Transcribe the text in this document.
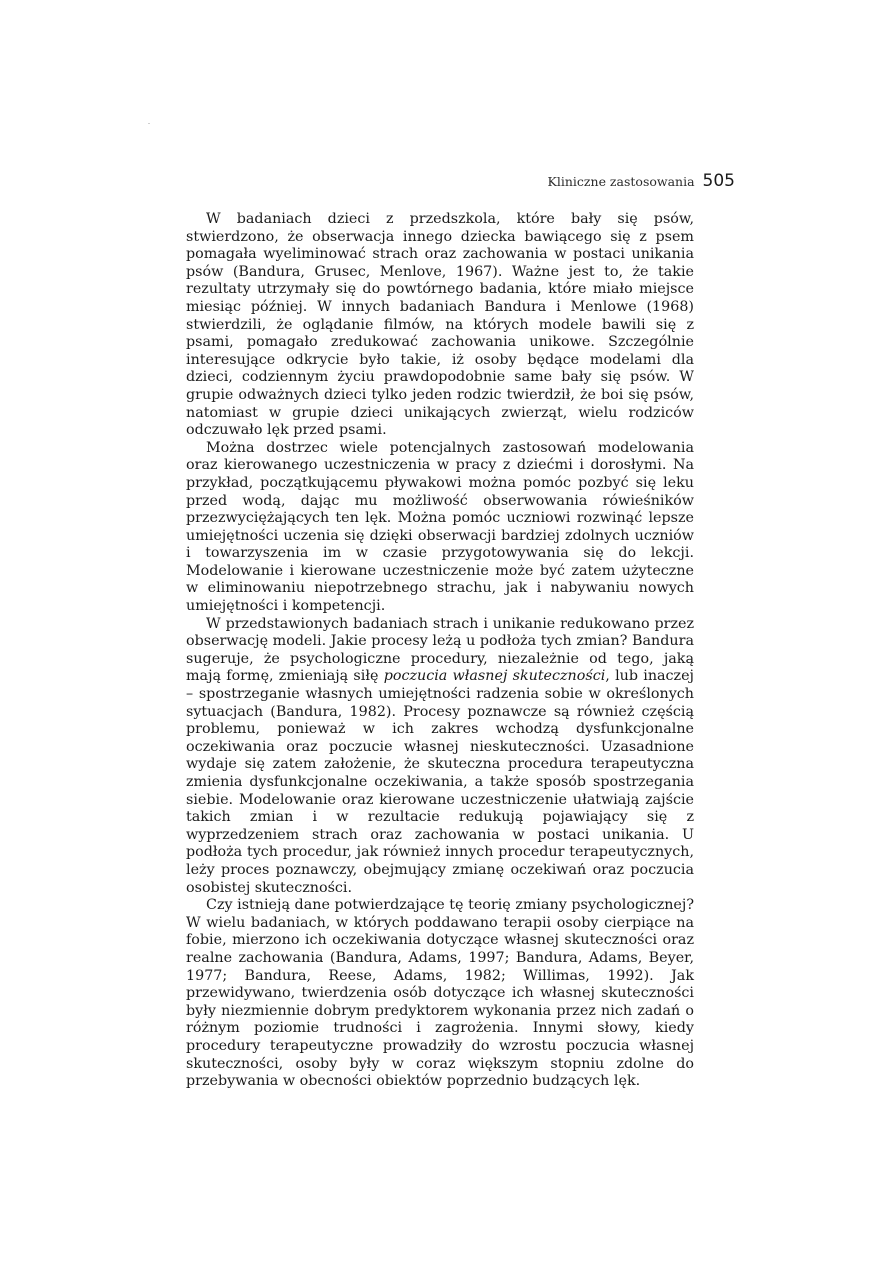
Kliniczne zastosowania 505

W badaniach dzieci z przedszkola, które bały się psów, stwierdzono, że obserwacja innego dziecka bawiącego się z psem pomagała wyeliminować strach oraz zachowania w postaci unikania psów (Bandura, Grusec, Menlove, 1967). Ważne jest to, że takie rezultaty utrzymały się do powtórnego badania, które miało miejsce miesiąc później. W innych badaniach Bandura i Menlowe (1968) stwierdzili, że oglądanie filmów, na których modele bawili się z psami, pomagało zredukować zachowania unikowe. Szczególnie interesujące odkrycie było takie, iż osoby będące modelami dla dzieci, codziennym życiu prawdopodobnie same bały się psów. W grupie odważnych dzieci tylko jeden rodzic twierdził, że boi się psów, natomiast w grupie dzieci unikających zwierząt, wielu rodziców odczuwało lęk przed psami.

Można dostrzec wiele potencjalnych zastosowań modelowania oraz kierowanego uczestniczenia w pracy z dziećmi i dorosłymi. Na przykład, początkującemu pływakowi można pomóc pozbyć się leku przed wodą, dając mu możliwość obserwowania rówieśników przezwyciężających ten lęk. Można pomóc uczniowi rozwinąć lepsze umiejętności uczenia się dzięki obserwacji bardziej zdolnych uczniów i towarzyszenia im w czasie przygotowywania się do lekcji. Modelowanie i kierowane uczestniczenie może być zatem użyteczne w eliminowaniu niepotrzebnego strachu, jak i nabywaniu nowych umiejętności i kompetencji.

W przedstawionych badaniach strach i unikanie redukowano przez obserwację modeli. Jakie procesy leżą u podłoża tych zmian? Bandura sugeruje, że psychologiczne procedury, niezależnie od tego, jaką mają formę, zmieniają siłę poczucia własnej skuteczności, lub inaczej – spostrzeganie własnych umiejętności radzenia sobie w określonych sytuacjach (Bandura, 1982). Procesy poznawcze są również częścią problemu, ponieważ w ich zakres wchodzą dysfunkcjonalne oczekiwania oraz poczucie własnej nieskuteczności. Uzasadnione wydaje się zatem założenie, że skuteczna procedura terapeutyczna zmienia dysfunkcjonalne oczekiwania, a także sposób spostrzegania siebie. Modelowanie oraz kierowane uczestniczenie ułatwiają zajście takich zmian i w rezultacie redukują pojawiający się z wyprzedzeniem strach oraz zachowania w postaci unikania. U podłoża tych procedur, jak również innych procedur terapeutycznych, leży proces poznawczy, obejmujący zmianę oczekiwań oraz poczucia osobistej skuteczności.

Czy istnieją dane potwierdzające tę teorię zmiany psychologicznej? W wielu badaniach, w których poddawano terapii osoby cierpiące na fobie, mierzono ich oczekiwania dotyczące własnej skuteczności oraz realne zachowania (Bandura, Adams, 1997; Bandura, Adams, Beyer, 1977; Bandura, Reese, Adams, 1982; Willimas, 1992). Jak przewidywano, twierdzenia osób dotyczące ich własnej skuteczności były niezmiennie dobrym predyktorem wykonania przez nich zadań o różnym poziomie trudności i zagrożenia. Innymi słowy, kiedy procedury terapeutyczne prowadziły do wzrostu poczucia własnej skuteczności, osoby były w coraz większym stopniu zdolne do przebywania w obecności obiektów poprzednio budzących lęk.
